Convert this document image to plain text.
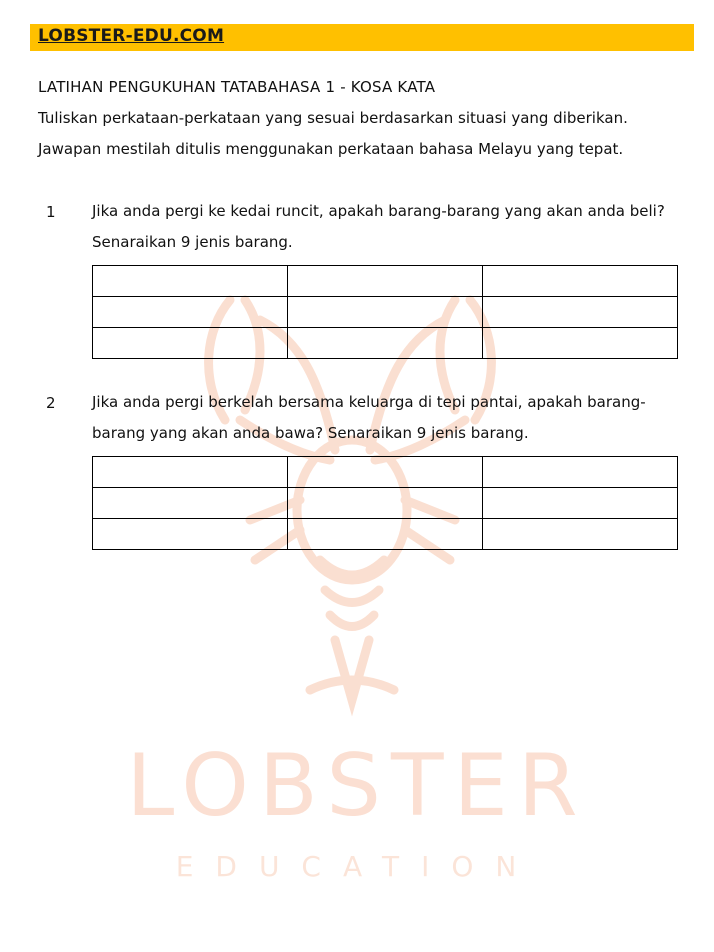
LOBSTER
EDUCATION
LOBSTER-EDU.COM
LATIHAN PENGUKUHAN TATABAHASA 1 - KOSA KATA
Tuliskan perkataan-perkataan yang sesuai berdasarkan situasi yang diberikan. Jawapan mestilah ditulis menggunakan perkataan bahasa Melayu yang tepat.
1 Jika anda pergi ke kedai runcit, apakah barang-barang yang akan anda beli? Senaraikan 9 jenis barang.

2 Jika anda pergi berkelah bersama keluarga di tepi pantai, apakah barang-barang yang akan anda bawa? Senaraikan 9 jenis barang.
